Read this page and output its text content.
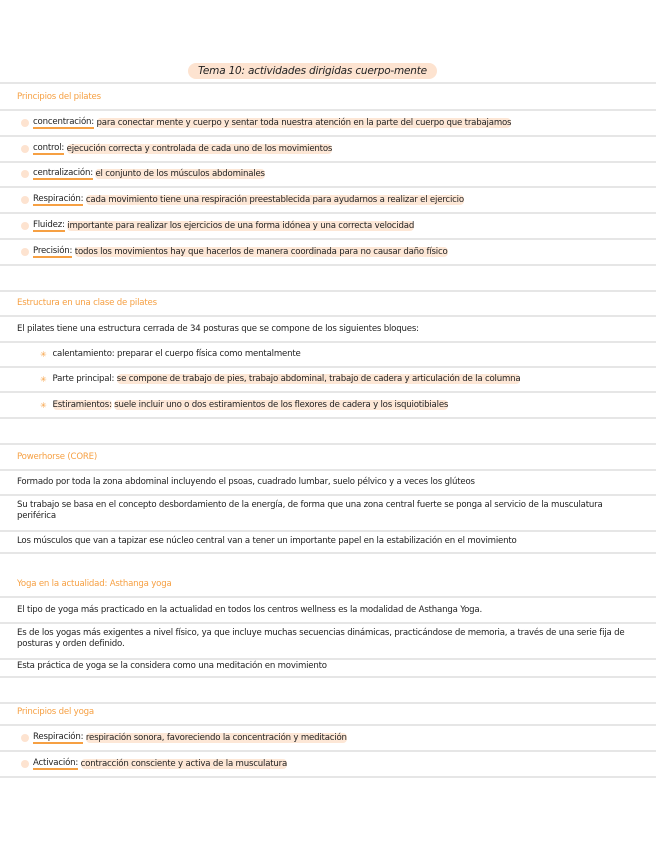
Tema 10: actividades dirigidas cuerpo-mente
Principios del pilates
concentración:
para conectar mente y cuerpo y sentar toda nuestra atención en la parte del cuerpo que trabajamos
control:
ejecución correcta y controlada de cada uno de los movimientos
centralización:
el conjunto de los músculos abdominales
Respiración:
cada movimiento tiene una respiración preestablecida para ayudarnos a realizar el ejercicio
Fluidez:
importante para realizar los ejercicios de una forma idónea y una correcta velocidad
Precisión:
todos los movimientos hay que hacerlos de manera coordinada para no causar daño físico
Estructura en una clase de pilates
El pilates tiene una estructura cerrada de 34 posturas que se compone de los siguientes bloques:
✳ calentamiento:
preparar el cuerpo física como mentalmente
✳ Parte principal:
se compone de trabajo de pies, trabajo abdominal, trabajo de cadera y articulación de la columna
✳ Estiramientos:
suele incluir uno o dos estiramientos de los flexores de cadera y los isquiotibiales
Powerhorse (CORE)
Formado por toda la zona abdominal incluyendo el psoas, cuadrado lumbar, suelo pélvico y a veces los glúteos
Su trabajo se basa en el concepto desbordamiento de la energía, de forma que una zona central fuerte se ponga al servicio de la musculatura periférica
Los músculos que van a tapizar ese núcleo central van a tener un importante papel en la estabilización en el movimiento
Yoga en la actualidad: Asthanga yoga
El tipo de yoga más practicado en la actualidad en todos los centros wellness es la modalidad de Asthanga Yoga.
Es de los yogas más exigentes a nivel físico, ya que incluye muchas secuencias dinámicas, practicándose de memoria, a través de una serie fija de posturas y orden definido.
Esta práctica de yoga se la considera como una meditación en movimiento
Principios del yoga
Respiración:
respiración sonora, favoreciendo la concentración y meditación
Activación:
contracción consciente y activa de la musculatura
